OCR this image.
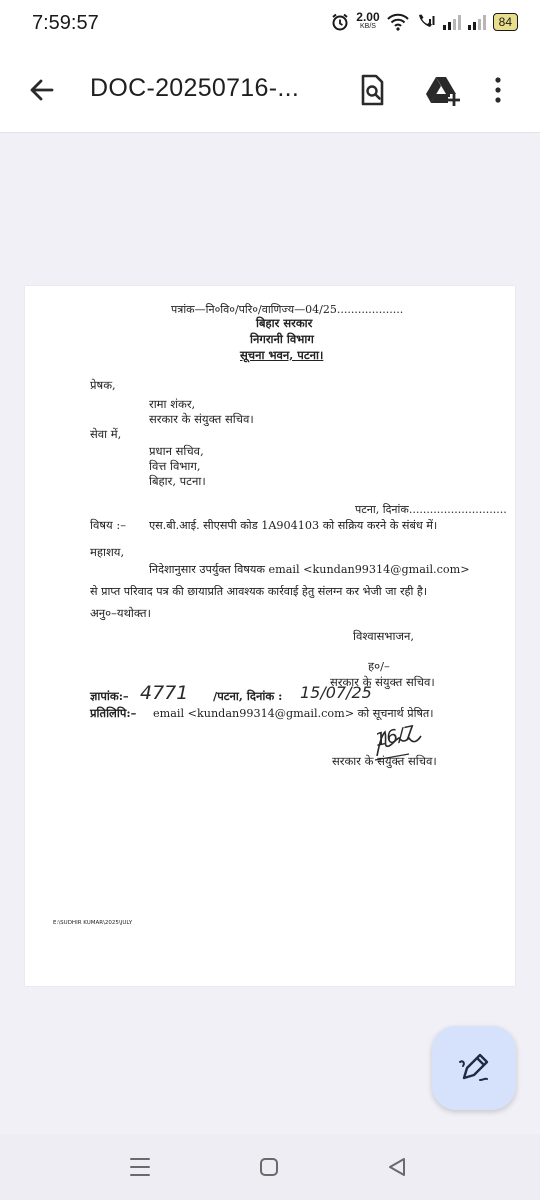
7:59:57	2.00
KB/S	84
DOC-20250716-...
पत्रांक—नि०वि०/परि०/वाणिज्य—04/25...................
बिहार सरकार
निगरानी विभाग
सूचना भवन, पटना।
प्रेषक,
रामा शंकर,
सरकार के संयुक्त सचिव।
सेवा में,
प्रधान सचिव,
वित्त विभाग,
बिहार, पटना।
पटना, दिनांक............................
विषय :– एस.बी.आई. सीएसपी कोड 1A904103 को सक्रिय करने के संबंध में।
महाशय,
निदेशानुसार उपर्युक्त विषयक email <kundan99314@gmail.com>
से प्राप्त परिवाद पत्र की छायाप्रति आवश्यक कार्रवाई हेतु संलग्न कर भेजी जा रही है।
अनु०–यथोक्त।
विश्वासभाजन,
ह०/–
सरकार के संयुक्त सचिव।
ज्ञापांक:– 4771 /पटना, दिनांक : 15/07/25
प्रतिलिपि:– email <kundan99314@gmail.com> को सूचनार्थ प्रेषित।
16/7
सरकार के संयुक्त सचिव।
E:\SUDHIR KUMAR\2025\JULY
